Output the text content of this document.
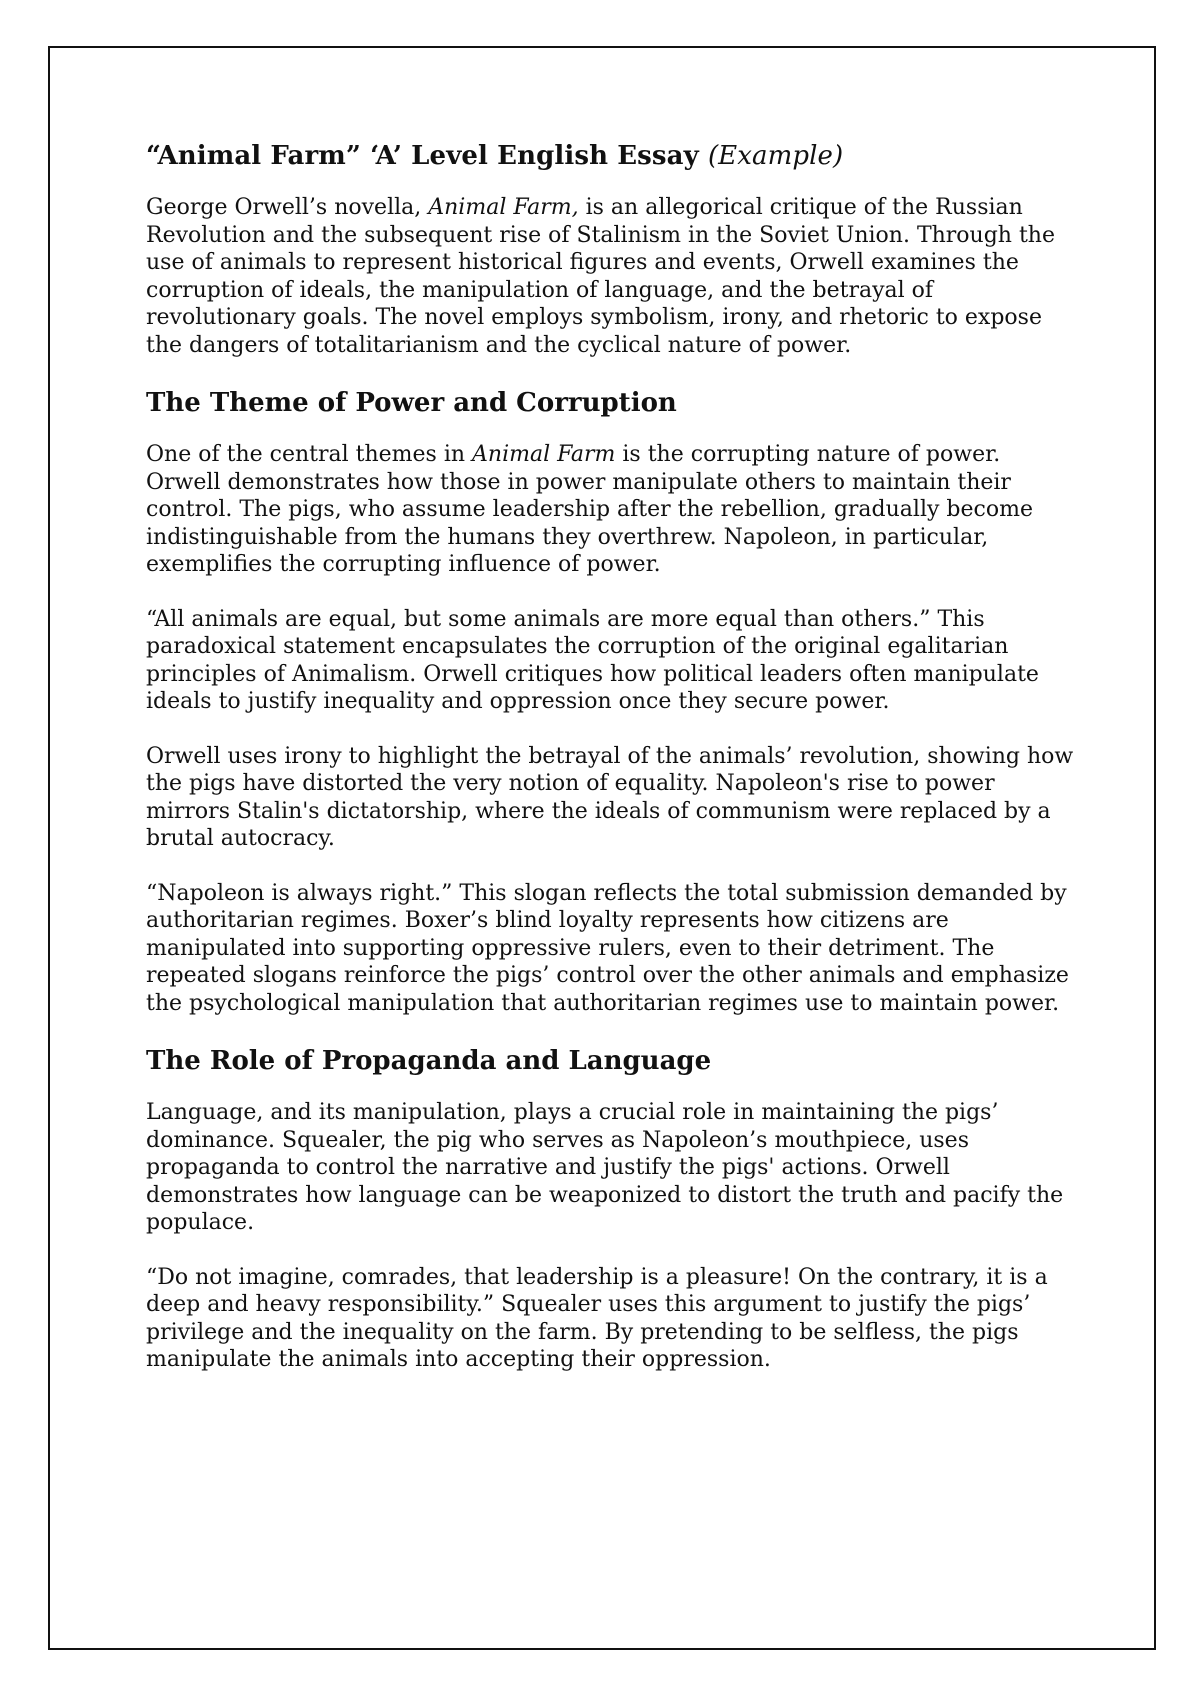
“Animal Farm” ‘A’ Level English Essay (Example)

George Orwell’s novella, Animal Farm, is an allegorical critique of the Russian Revolution and the subsequent rise of Stalinism in the Soviet Union. Through the use of animals to represent historical figures and events, Orwell examines the corruption of ideals, the manipulation of language, and the betrayal of revolutionary goals. The novel employs symbolism, irony, and rhetoric to expose the dangers of totalitarianism and the cyclical nature of power.

The Theme of Power and Corruption

One of the central themes in Animal Farm is the corrupting nature of power. Orwell demonstrates how those in power manipulate others to maintain their control. The pigs, who assume leadership after the rebellion, gradually become indistinguishable from the humans they overthrew. Napoleon, in particular, exemplifies the corrupting influence of power.

“All animals are equal, but some animals are more equal than others.” This paradoxical statement encapsulates the corruption of the original egalitarian principles of Animalism. Orwell critiques how political leaders often manipulate ideals to justify inequality and oppression once they secure power.

Orwell uses irony to highlight the betrayal of the animals’ revolution, showing how the pigs have distorted the very notion of equality. Napoleon's rise to power mirrors Stalin's dictatorship, where the ideals of communism were replaced by a brutal autocracy.

“Napoleon is always right.” This slogan reflects the total submission demanded by authoritarian regimes. Boxer’s blind loyalty represents how citizens are manipulated into supporting oppressive rulers, even to their detriment. The repeated slogans reinforce the pigs’ control over the other animals and emphasize the psychological manipulation that authoritarian regimes use to maintain power.

The Role of Propaganda and Language

Language, and its manipulation, plays a crucial role in maintaining the pigs’ dominance. Squealer, the pig who serves as Napoleon’s mouthpiece, uses propaganda to control the narrative and justify the pigs' actions. Orwell demonstrates how language can be weaponized to distort the truth and pacify the populace.

“Do not imagine, comrades, that leadership is a pleasure! On the contrary, it is a deep and heavy responsibility.” Squealer uses this argument to justify the pigs’ privilege and the inequality on the farm. By pretending to be selfless, the pigs manipulate the animals into accepting their oppression.
